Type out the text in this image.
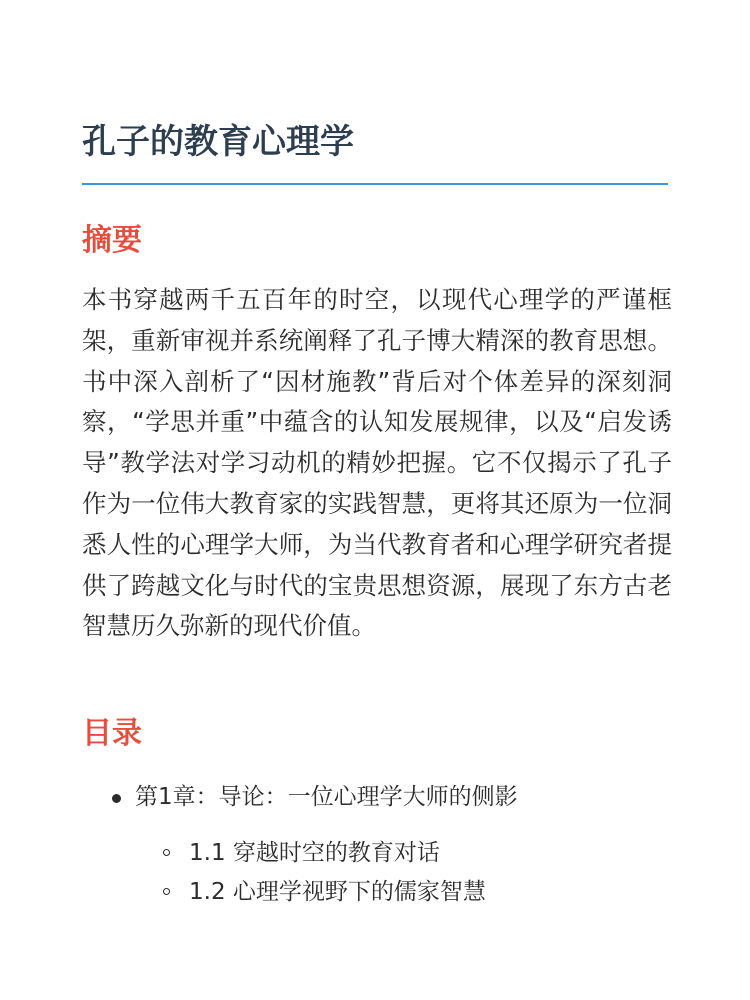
孔子的教育心理学
摘要

本书穿越两千五百年的时空，以现代心理学的严谨框架，重新审视并系统阐释了孔子博大精深的教育思想。书中深入剖析了“因材施教”背后对个体差异的深刻洞察，“学思并重”中蕴含的认知发展规律，以及“启发诱导”教学法对学习动机的精妙把握。它不仅揭示了孔子作为一位伟大教育家的实践智慧，更将其还原为一位洞悉人性的心理学大师，为当代教育者和心理学研究者提供了跨越文化与时代的宝贵思想资源，展现了东方古老智慧历久弥新的现代价值。

目录
第1章：导论：一位心理学大师的侧影
1.1 穿越时空的教育对话
1.2 心理学视野下的儒家智慧
